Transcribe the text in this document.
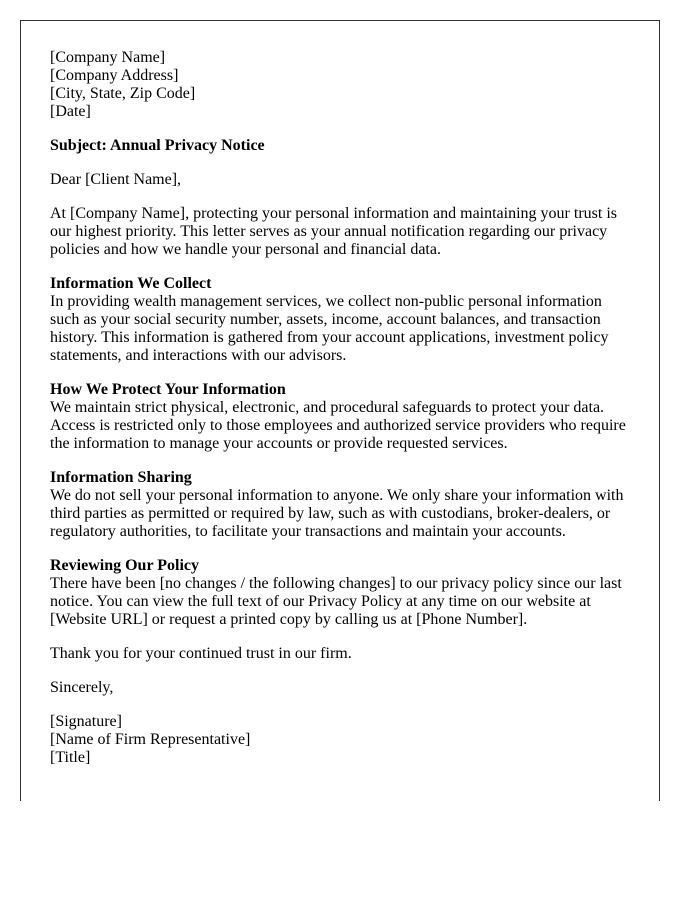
[Company Name]
[Company Address]
[City, State, Zip Code]
[Date]
Subject: Annual Privacy Notice
Dear [Client Name],
At [Company Name], protecting your personal information and maintaining your trust is
our highest priority. This letter serves as your annual notification regarding our privacy
policies and how we handle your personal and financial data.
Information We Collect
In providing wealth management services, we collect non-public personal information
such as your social security number, assets, income, account balances, and transaction
history. This information is gathered from your account applications, investment policy
statements, and interactions with our advisors.
How We Protect Your Information
We maintain strict physical, electronic, and procedural safeguards to protect your data.
Access is restricted only to those employees and authorized service providers who require
the information to manage your accounts or provide requested services.
Information Sharing
We do not sell your personal information to anyone. We only share your information with
third parties as permitted or required by law, such as with custodians, broker-dealers, or
regulatory authorities, to facilitate your transactions and maintain your accounts.
Reviewing Our Policy
There have been [no changes / the following changes] to our privacy policy since our last
notice. You can view the full text of our Privacy Policy at any time on our website at
[Website URL] or request a printed copy by calling us at [Phone Number].
Thank you for your continued trust in our firm.
Sincerely,
[Signature]
[Name of Firm Representative]
[Title]
